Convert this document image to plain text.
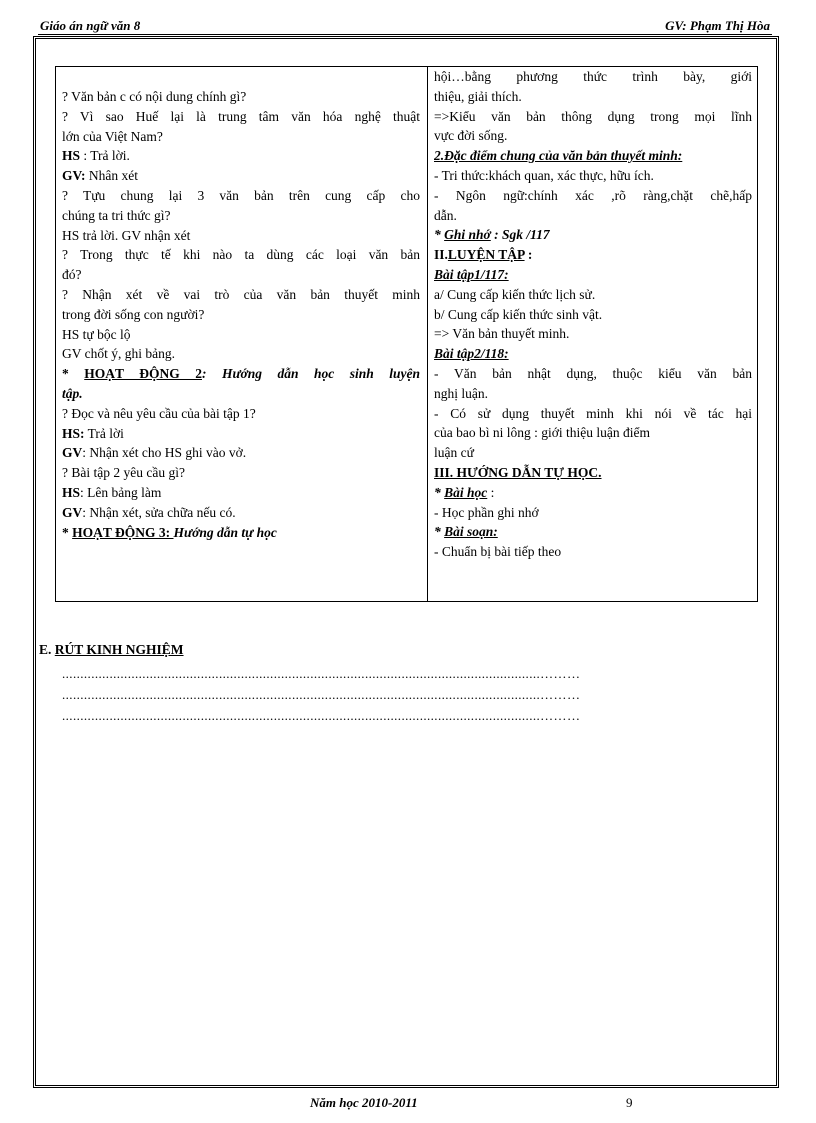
Giáo án ngữ văn 8	GV: Phạm Thị Hòa
? Văn bản c có nội dung chính gì?
? Vì sao Huế lại là trung tâm văn hóa nghệ thuật
lớn của Việt Nam?
HS : Trả lời.
GV: Nhân xét
? Tựu chung lại 3 văn bản trên cung cấp cho
chúng ta tri thức gì?
HS trả lời. GV nhận xét
? Trong thực tế khi nào ta dùng các loại văn bản
đó?
? Nhận xét về vai trò của văn bản thuyết minh
trong đời sống con người?
HS tự bộc lộ
GV chốt ý, ghi bảng.
* HOẠT ĐỘNG 2: Hướng dẫn học sinh luyện
tập.
? Đọc và nêu yêu cầu của bài tập 1?
HS: Trả lời
GV: Nhận xét cho HS ghi vào vở.
? Bài tập 2 yêu cầu gì?
HS: Lên bảng làm
GV: Nhận xét, sửa chữa nếu có.
* HOẠT ĐỘNG 3: Hướng dẫn tự học
hội…bằng phương thức trình bày, giới
thiệu, giải thích.
=>Kiểu văn bản thông dụng trong mọi lĩnh
vực đời sống.
2.Đặc điểm chung của văn bản thuyết minh:
- Tri thức:khách quan, xác thực, hữu ích.
- Ngôn ngữ:chính xác ,rõ ràng,chặt chẽ,hấp
dẫn.
* Ghi nhớ : Sgk /117
II.LUYỆN TẬP :
Bài tập1/117:
a/ Cung cấp kiến thức lịch sử.
b/ Cung cấp kiến thức sinh vật.
=> Văn bản thuyết minh.
Bài tập2/118:
- Văn bản nhật dụng, thuộc kiểu văn bản
nghị luận.
- Có sử dụng thuyết minh khi nói về tác hại
của bao bì ni lông : giới thiệu luận điểm
luận cứ
III. HƯỚNG DẪN TỰ HỌC.
* Bài học :
- Học phần ghi nhớ
* Bài soạn:
- Chuẩn bị bài tiếp theo
E. RÚT KINH NGHIỆM
...................................................................................................................................………
...................................................................................................................................………
...................................................................................................................................………
Năm học 2010-2011	9
